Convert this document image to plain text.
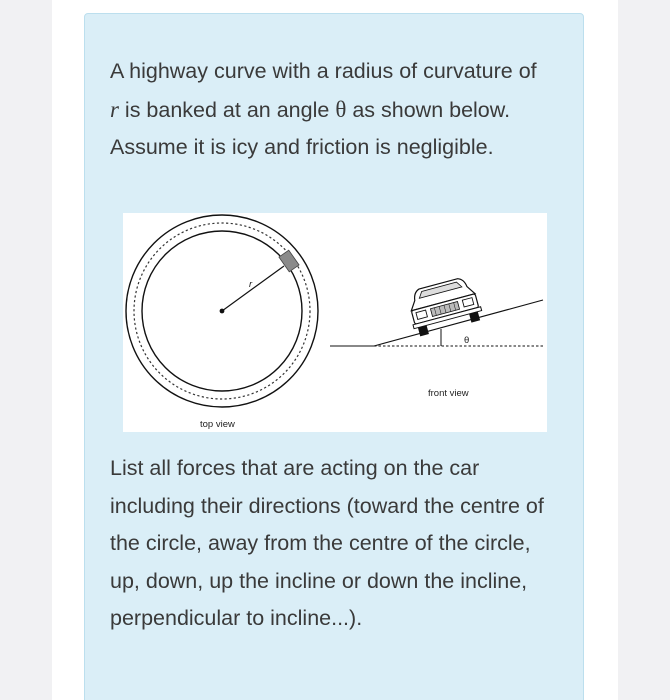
A highway curve with a radius of curvature of r is banked at an angle θ as shown below. Assume it is icy and friction is negligible.

r
θ
front view
top view

List all forces that are acting on the car including their directions (toward the centre of the circle, away from the centre of the circle, up, down, up the incline or down the incline, perpendicular to incline...).
